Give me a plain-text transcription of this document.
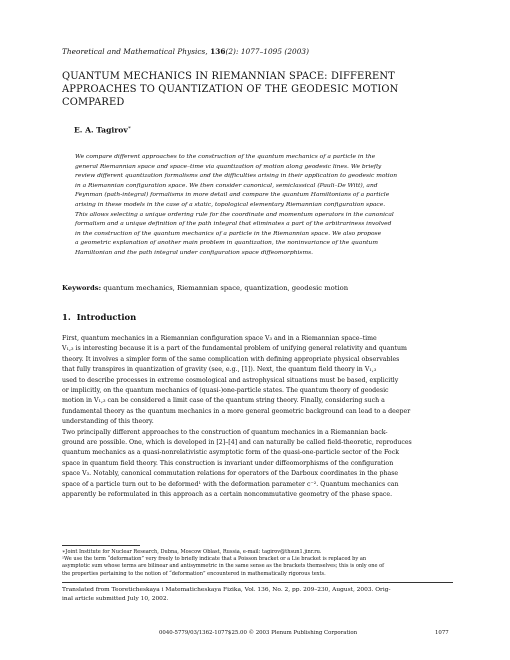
Theoretical and Mathematical Physics, 136(2): 1077–1095 (2003)
QUANTUM MECHANICS IN RIEMANNIAN SPACE: DIFFERENT
APPROACHES TO QUANTIZATION OF THE GEODESIC MOTION
COMPARED
E. A. Tagirov∗
We compare different approaches to the construction of the quantum mechanics of a particle in the
general Riemannian space and space–time via quantization of motion along geodesic lines. We briefly
review different quantization formalisms and the difficulties arising in their application to geodesic motion
in a Riemannian configuration space. We then consider canonical, semiclassical (Pauli–De Witt), and
Feynman (path-integral) formalisms in more detail and compare the quantum Hamiltonians of a particle
arising in these models in the case of a static, topological elementary Riemannian configuration space.
This allows selecting a unique ordering rule for the coordinate and momentum operators in the canonical
formalism and a unique definition of the path integral that eliminates a part of the arbitrariness involved
in the construction of the quantum mechanics of a particle in the Riemannian space. We also propose
a geometric explanation of another main problem in quantization, the noninvariance of the quantum
Hamiltonian and the path integral under configuration space diffeomorphisms.
Keywords: quantum mechanics, Riemannian space, quantization, geodesic motion
1. Introduction
First, quantum mechanics in a Riemannian configuration space V₃ and in a Riemannian space–time
V₁,₃ is interesting because it is a part of the fundamental problem of unifying general relativity and quantum
theory. It involves a simpler form of the same complication with defining appropriate physical observables
that fully transpires in quantization of gravity (see, e.g., [1]). Next, the quantum field theory in V₁,₃
used to describe processes in extreme cosmological and astrophysical situations must be based, explicitly
or implicitly, on the quantum mechanics of (quasi-)one-particle states. The quantum theory of geodesic
motion in V₁,₃ can be considered a limit case of the quantum string theory. Finally, considering such a
fundamental theory as the quantum mechanics in a more general geometric background can lead to a deeper
understanding of this theory.
Two principally different approaches to the construction of quantum mechanics in a Riemannian back-
ground are possible. One, which is developed in [2]–[4] and can naturally be called field-theoretic, reproduces
quantum mechanics as a quasi-nonrelativistic asymptotic form of the quasi-one-particle sector of the Fock
space in quantum field theory. This construction is invariant under diffeomorphisms of the configuration
space V₃. Notably, canonical commutation relations for operators of the Darboux coordinates in the phase
space of a particle turn out to be deformed¹ with the deformation parameter c⁻². Quantum mechanics can
apparently be reformulated in this approach as a certain noncommutative geometry of the phase space.
∗Joint Institute for Nuclear Research, Dubna, Moscow Oblast, Russia, e-mail: tagirov@thsun1.jinr.ru.
¹We use the term “deformation” very freely to briefly indicate that a Poisson bracket or a Lie bracket is replaced by an
asymptotic sum whose terms are bilinear and antisymmetric in the same sense as the brackets themselves; this is only one of
the properties pertaining to the notion of “deformation” encountered in mathematically rigorous texts.
Translated from Teoreticheskaya i Matematicheskaya Fizika, Vol. 136, No. 2, pp. 209–230, August, 2003. Orig-
inal article submitted July 10, 2002.
0040-5779/03/1362-1077$25.00 © 2003 Plenum Publishing Corporation	1077
